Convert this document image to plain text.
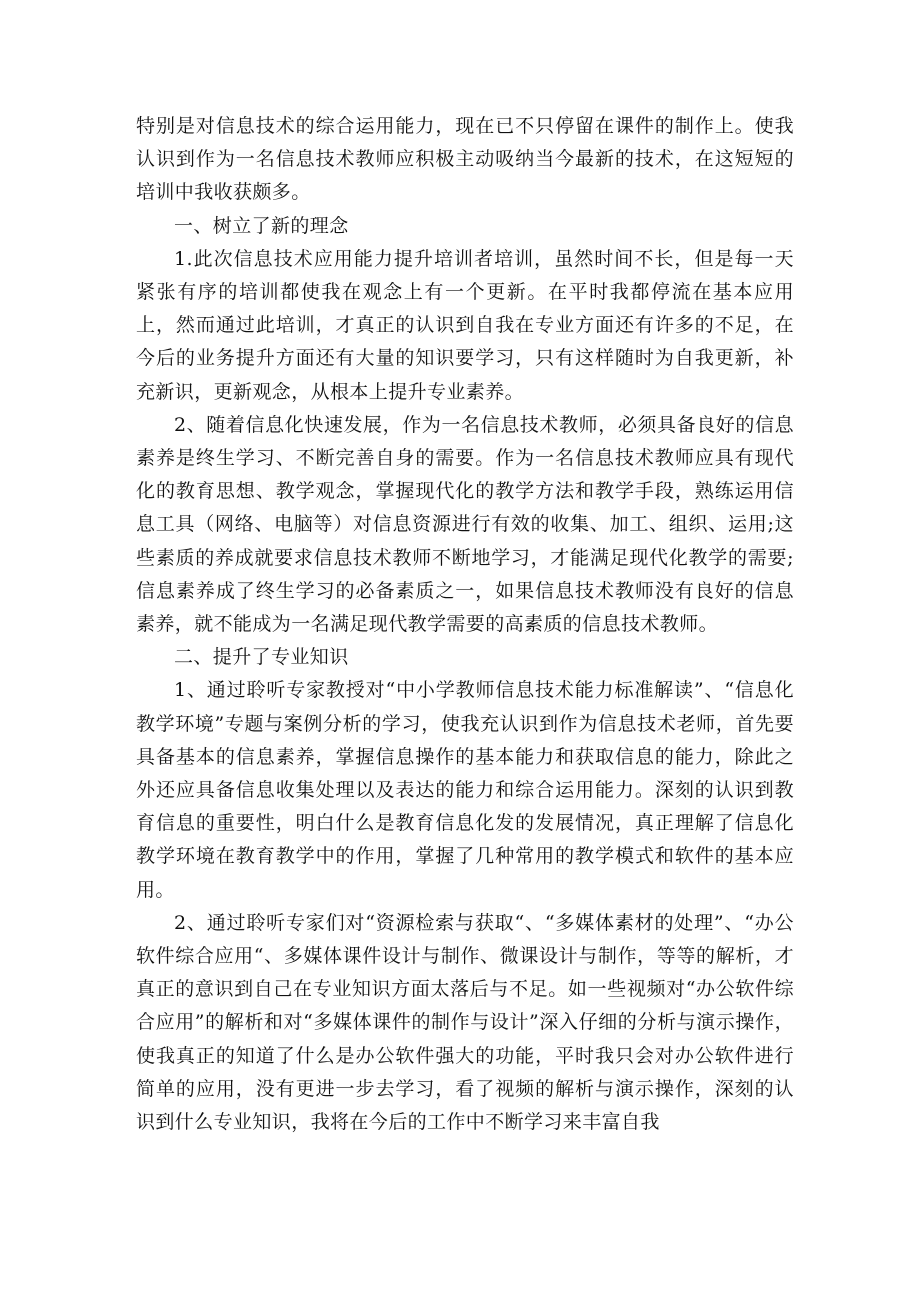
特别是对信息技术的综合运用能力，现在已不只停留在课件的制作上。使我认识到作为一名信息技术教师应积极主动吸纳当今最新的技术，在这短短的培训中我收获颇多。

一、树立了新的理念

1.此次信息技术应用能力提升培训者培训，虽然时间不长，但是每一天紧张有序的培训都使我在观念上有一个更新。在平时我都停流在基本应用上，然而通过此培训，才真正的认识到自我在专业方面还有许多的不足，在今后的业务提升方面还有大量的知识要学习，只有这样随时为自我更新，补充新识，更新观念，从根本上提升专业素养。

2、随着信息化快速发展，作为一名信息技术教师，必须具备良好的信息素养是终生学习、不断完善自身的需要。作为一名信息技术教师应具有现代化的教育思想、教学观念，掌握现代化的教学方法和教学手段，熟练运用信息工具（网络、电脑等）对信息资源进行有效的收集、加工、组织、运用;这些素质的养成就要求信息技术教师不断地学习，才能满足现代化教学的需要;信息素养成了终生学习的必备素质之一，如果信息技术教师没有良好的信息素养，就不能成为一名满足现代教学需要的高素质的信息技术教师。

二、提升了专业知识

1、通过聆听专家教授对“中小学教师信息技术能力标准解读”、“信息化教学环境”专题与案例分析的学习，使我充认识到作为信息技术老师，首先要具备基本的信息素养，掌握信息操作的基本能力和获取信息的能力，除此之外还应具备信息收集处理以及表达的能力和综合运用能力。深刻的认识到教育信息的重要性，明白什么是教育信息化发的发展情况，真正理解了信息化教学环境在教育教学中的作用，掌握了几种常用的教学模式和软件的基本应用。

2、通过聆听专家们对“资源检索与获取“、“多媒体素材的处理”、“办公软件综合应用“、多媒体课件设计与制作、微课设计与制作，等等的解析，才真正的意识到自己在专业知识方面太落后与不足。如一些视频对“办公软件综合应用”的解析和对“多媒体课件的制作与设计”深入仔细的分析与演示操作，使我真正的知道了什么是办公软件强大的功能，平时我只会对办公软件进行简单的应用，没有更进一步去学习，看了视频的解析与演示操作，深刻的认识到什么专业知识，我将在今后的工作中不断学习来丰富自我
